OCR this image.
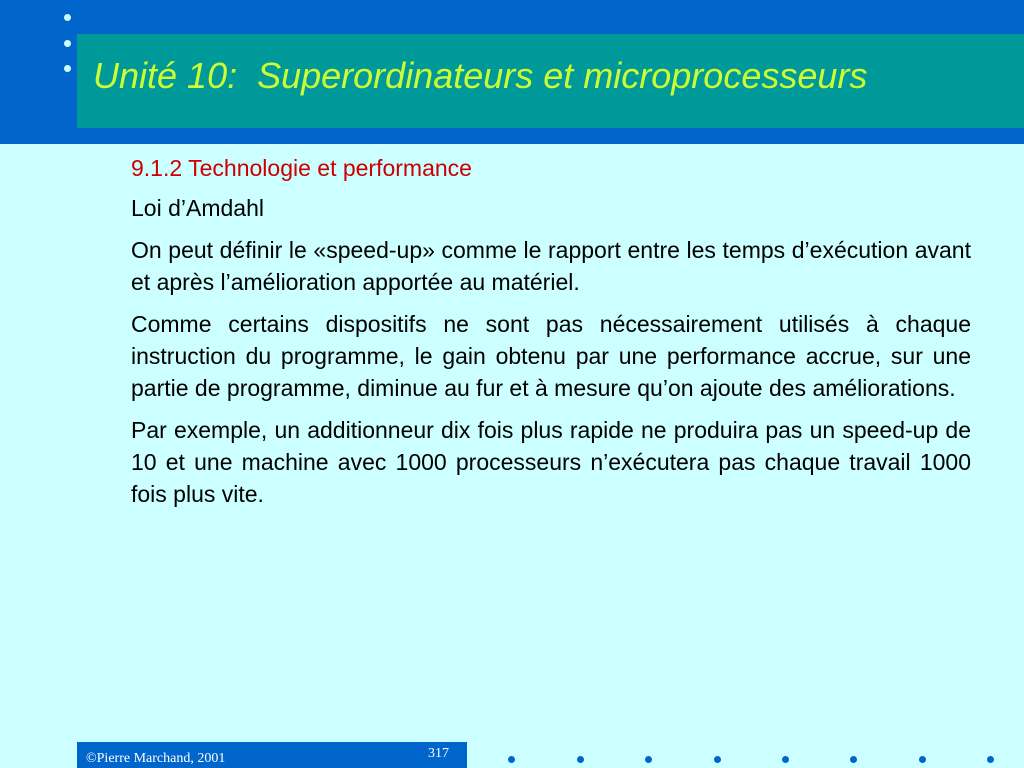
Unité 10:  Superordinateurs et microprocesseurs

9.1.2 Technologie et performance

Loi d’Amdahl

On peut définir le «speed-up» comme le rapport entre les temps d’exécution avant et après l’amélioration apportée au matériel.

Comme certains dispositifs ne sont pas nécessairement utilisés à chaque instruction du programme, le gain obtenu par une performance accrue, sur une partie de programme, diminue au fur et à mesure qu’on ajoute des améliorations.

Par exemple, un additionneur dix fois plus rapide ne produira pas un speed-up de 10 et une machine avec 1000 processeurs n’exécutera pas chaque travail 1000 fois plus vite.

©Pierre Marchand, 2001	317
